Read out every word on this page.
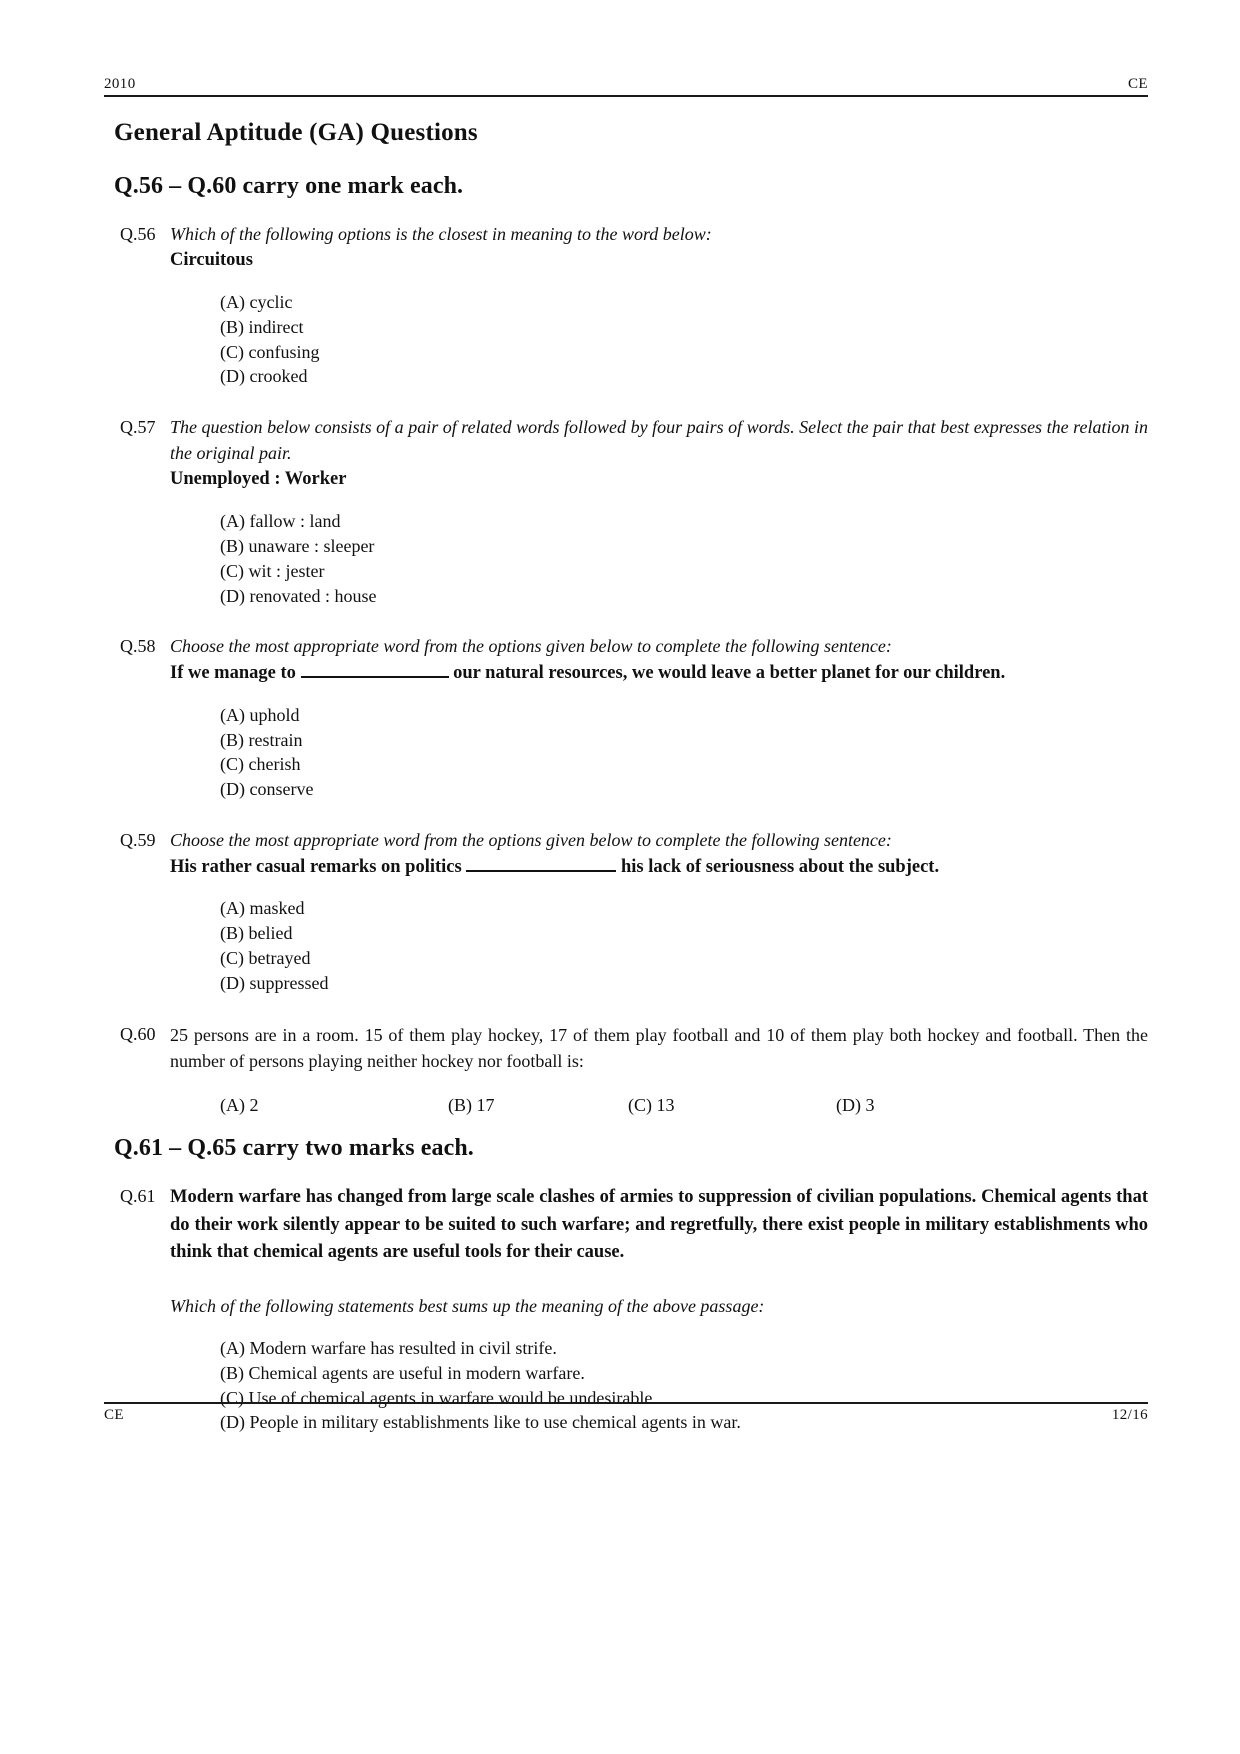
2010	CE
General Aptitude (GA) Questions
Q.56 – Q.60 carry one mark each.
Q.56 Which of the following options is the closest in meaning to the word below:

Circuitous

(A) cyclic
(B) indirect
(C) confusing
(D) crooked
Q.57 The question below consists of a pair of related words followed by four pairs of words. Select the pair that best expresses the relation in the original pair.

Unemployed : Worker

(A) fallow : land
(B) unaware : sleeper
(C) wit : jester
(D) renovated : house
Q.58 Choose the most appropriate word from the options given below to complete the following sentence:

If we manage to	our natural resources, we would leave a better planet for our children.

(A) uphold
(B) restrain
(C) cherish
(D) conserve
Q.59 Choose the most appropriate word from the options given below to complete the following sentence:

His rather casual remarks on politics	his lack of seriousness about the subject.

(A) masked
(B) belied
(C) betrayed
(D) suppressed
Q.60 25 persons are in a room. 15 of them play hockey, 17 of them play football and 10 of them play both hockey and football. Then the number of persons playing neither hockey nor football is:

(A) 2	(B) 17	(C) 13	(D) 3
Q.61 – Q.65 carry two marks each.
Q.61 Modern warfare has changed from large scale clashes of armies to suppression of civilian populations. Chemical agents that do their work silently appear to be suited to such warfare; and regretfully, there exist people in military establishments who think that chemical agents are useful tools for their cause.

Which of the following statements best sums up the meaning of the above passage:

(A) Modern warfare has resulted in civil strife.
(B) Chemical agents are useful in modern warfare.
(C) Use of chemical agents in warfare would be undesirable.
(D) People in military establishments like to use chemical agents in war.
CE	12/16
